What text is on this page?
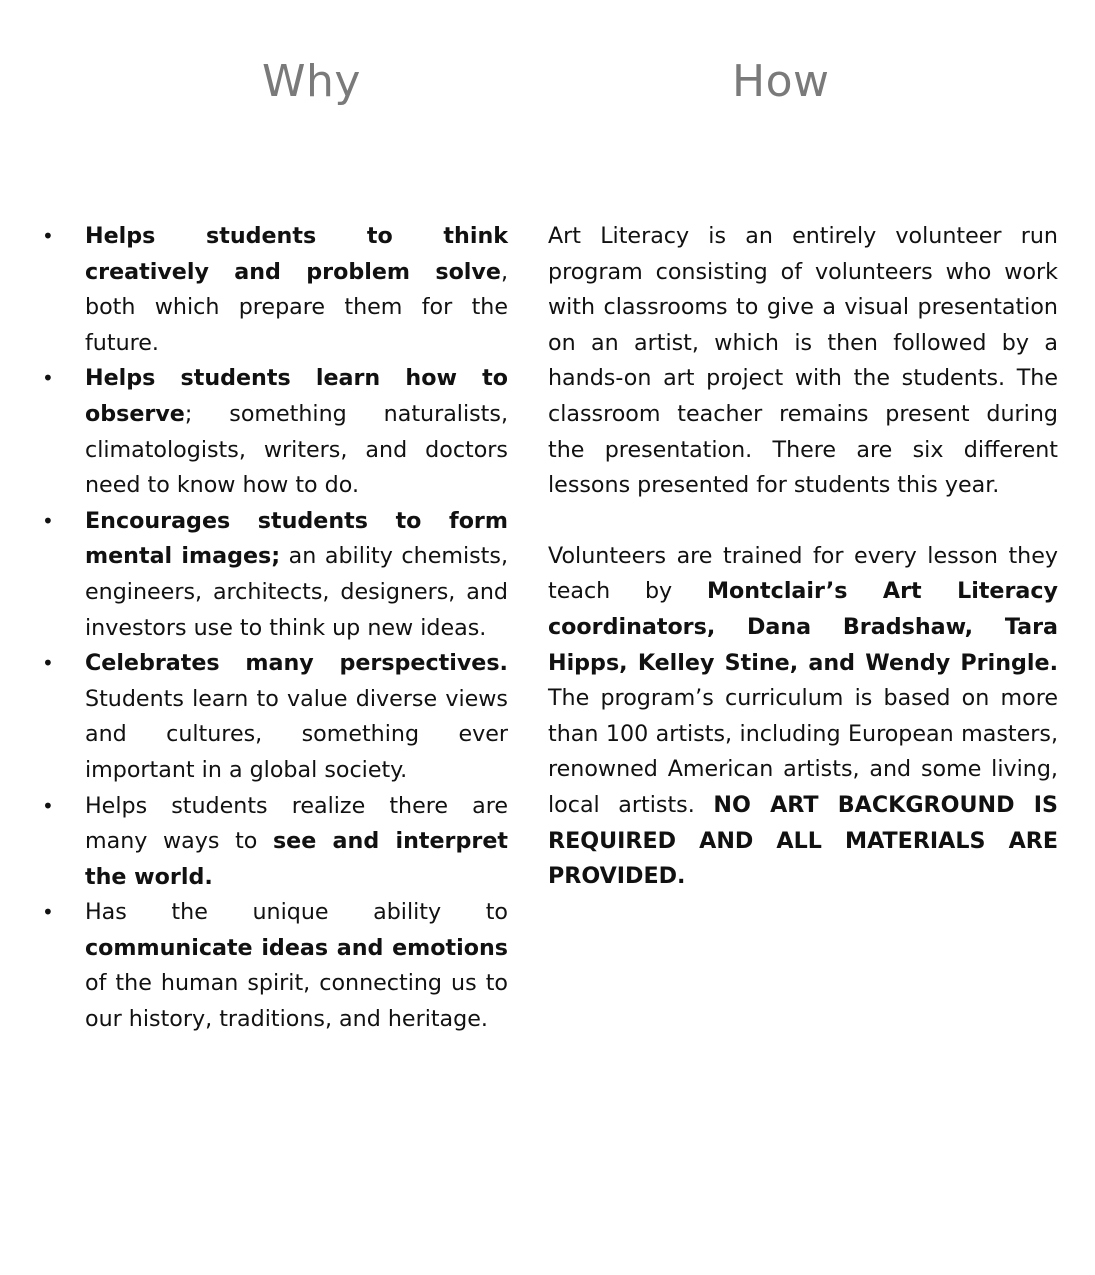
Why	How
• Helps students to think creatively and problem solve, both which prepare them for the future.
• Helps students learn how to observe; something naturalists, climatologists, writers, and doctors need to know how to do.
• Encourages students to form mental images; an ability chemists, engineers, architects, designers, and investors use to think up new ideas.
• Celebrates many perspectives. Students learn to value diverse views and cultures, something ever important in a global society.
• Helps students realize there are many ways to see and interpret the world.
• Has the unique ability to communicate ideas and emotions of the human spirit, connecting us to our history, traditions, and heritage.

Art Literacy is an entirely volunteer run program consisting of volunteers who work with classrooms to give a visual presentation on an artist, which is then followed by a hands-on art project with the students. The classroom teacher remains present during the presentation. There are six different lessons presented for students this year.

Volunteers are trained for every lesson they teach by Montclair’s Art Literacy coordinators, Dana Bradshaw, Tara Hipps, Kelley Stine, and Wendy Pringle. The program’s curriculum is based on more than 100 artists, including European masters, renowned American artists, and some living, local artists. NO ART BACKGROUND IS REQUIRED AND ALL MATERIALS ARE PROVIDED.
